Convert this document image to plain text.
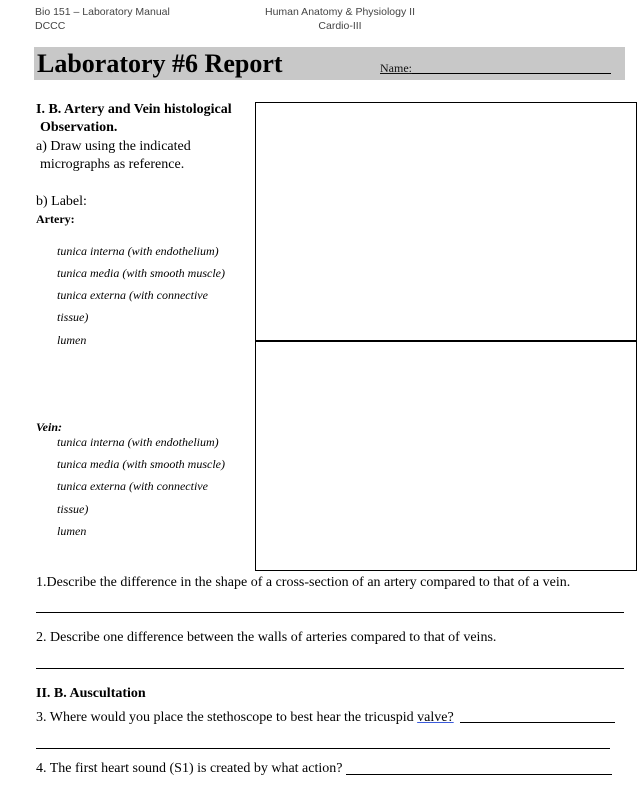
Bio 151 – Laboratory Manual
DCCC
Human Anatomy & Physiology II
Cardio-III
Laboratory #6 Report	Name:
I. B. Artery and Vein histological
Observation.
a) Draw using the indicated
micrographs as reference.
b) Label:
Artery:
tunica interna (with endothelium)
tunica media (with smooth muscle)
tunica externa (with connective
tissue)
lumen
Vein:
tunica interna (with endothelium)
tunica media (with smooth muscle)
tunica externa (with connective
tissue)
lumen
1.Describe the difference in the shape of a cross-section of an artery compared to that of a vein.
2. Describe one difference between the walls of arteries compared to that of veins.
II. B. Auscultation
3. Where would you place the stethoscope to best hear the tricuspid valve?
4. The first heart sound (S1) is created by what action?
